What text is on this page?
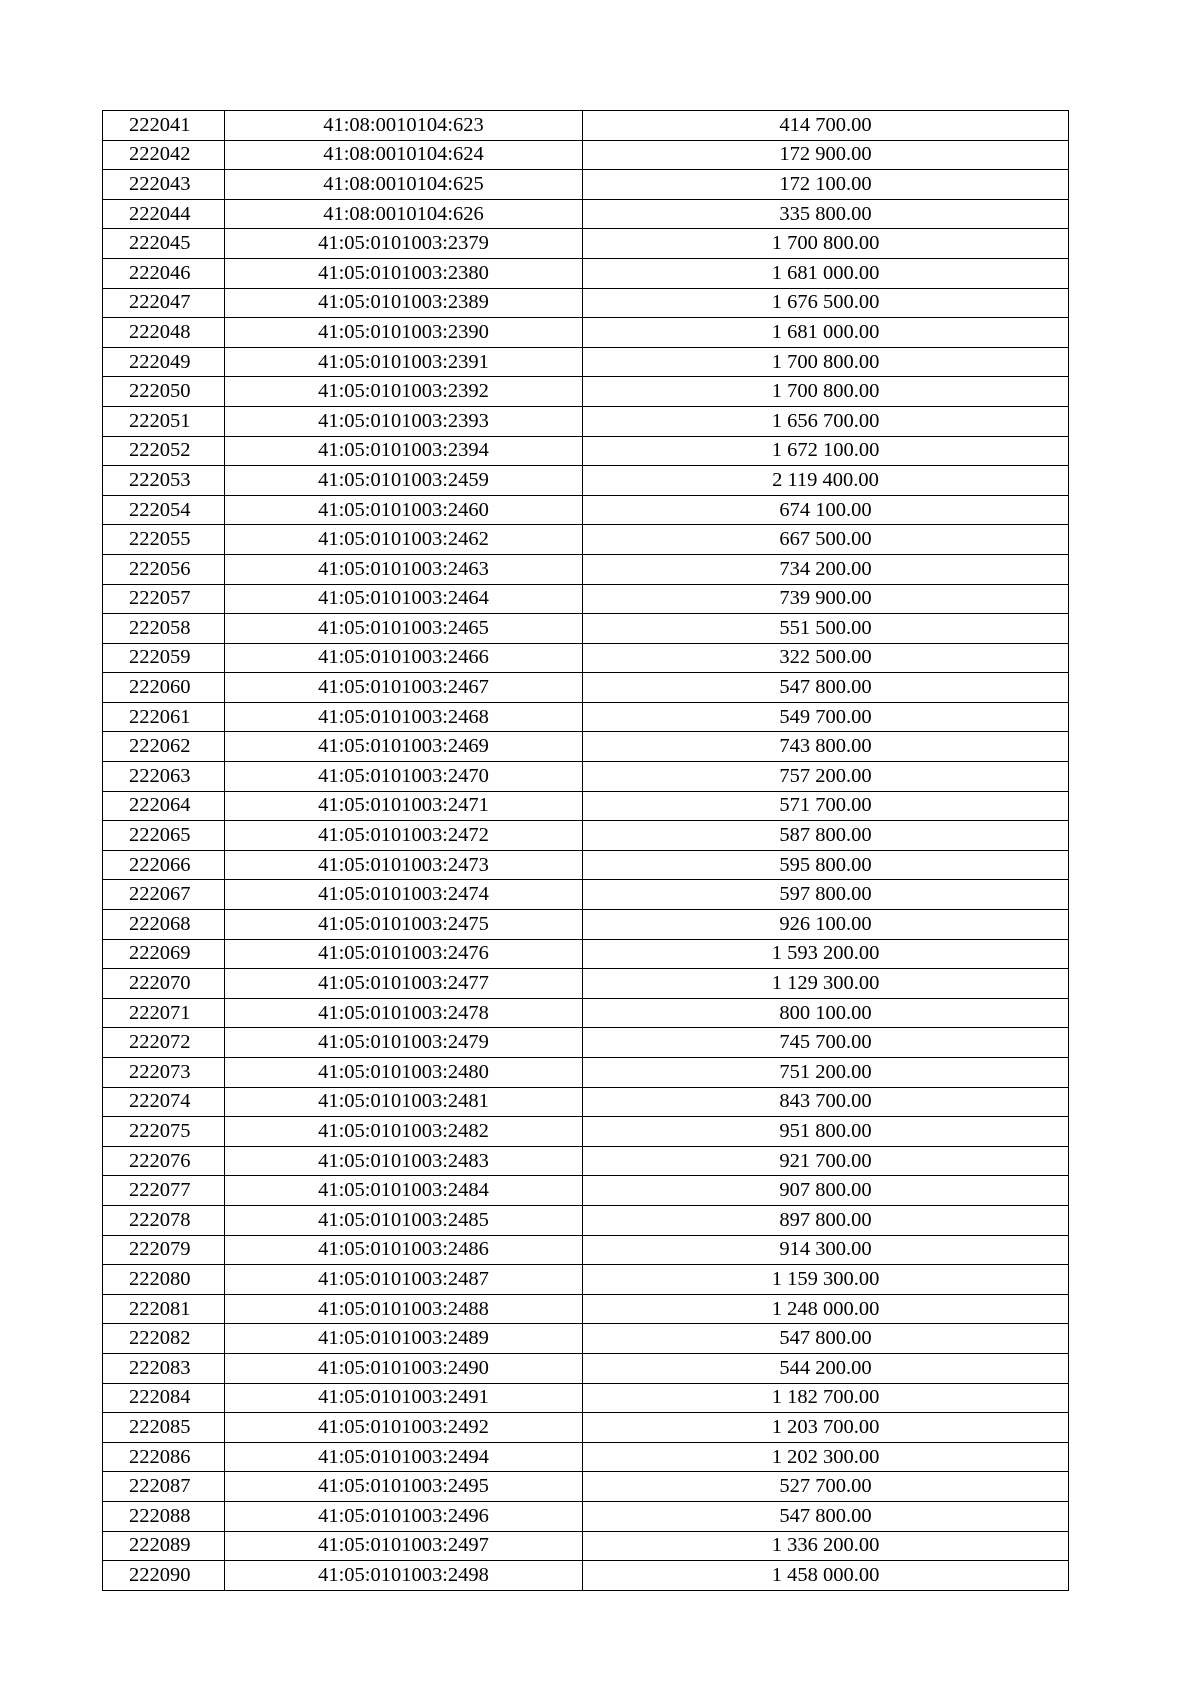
222041	41:08:0010104:623	414 700.00
222042	41:08:0010104:624	172 900.00
222043	41:08:0010104:625	172 100.00
222044	41:08:0010104:626	335 800.00
222045	41:05:0101003:2379	1 700 800.00
222046	41:05:0101003:2380	1 681 000.00
222047	41:05:0101003:2389	1 676 500.00
222048	41:05:0101003:2390	1 681 000.00
222049	41:05:0101003:2391	1 700 800.00
222050	41:05:0101003:2392	1 700 800.00
222051	41:05:0101003:2393	1 656 700.00
222052	41:05:0101003:2394	1 672 100.00
222053	41:05:0101003:2459	2 119 400.00
222054	41:05:0101003:2460	674 100.00
222055	41:05:0101003:2462	667 500.00
222056	41:05:0101003:2463	734 200.00
222057	41:05:0101003:2464	739 900.00
222058	41:05:0101003:2465	551 500.00
222059	41:05:0101003:2466	322 500.00
222060	41:05:0101003:2467	547 800.00
222061	41:05:0101003:2468	549 700.00
222062	41:05:0101003:2469	743 800.00
222063	41:05:0101003:2470	757 200.00
222064	41:05:0101003:2471	571 700.00
222065	41:05:0101003:2472	587 800.00
222066	41:05:0101003:2473	595 800.00
222067	41:05:0101003:2474	597 800.00
222068	41:05:0101003:2475	926 100.00
222069	41:05:0101003:2476	1 593 200.00
222070	41:05:0101003:2477	1 129 300.00
222071	41:05:0101003:2478	800 100.00
222072	41:05:0101003:2479	745 700.00
222073	41:05:0101003:2480	751 200.00
222074	41:05:0101003:2481	843 700.00
222075	41:05:0101003:2482	951 800.00
222076	41:05:0101003:2483	921 700.00
222077	41:05:0101003:2484	907 800.00
222078	41:05:0101003:2485	897 800.00
222079	41:05:0101003:2486	914 300.00
222080	41:05:0101003:2487	1 159 300.00
222081	41:05:0101003:2488	1 248 000.00
222082	41:05:0101003:2489	547 800.00
222083	41:05:0101003:2490	544 200.00
222084	41:05:0101003:2491	1 182 700.00
222085	41:05:0101003:2492	1 203 700.00
222086	41:05:0101003:2494	1 202 300.00
222087	41:05:0101003:2495	527 700.00
222088	41:05:0101003:2496	547 800.00
222089	41:05:0101003:2497	1 336 200.00
222090	41:05:0101003:2498	1 458 000.00
